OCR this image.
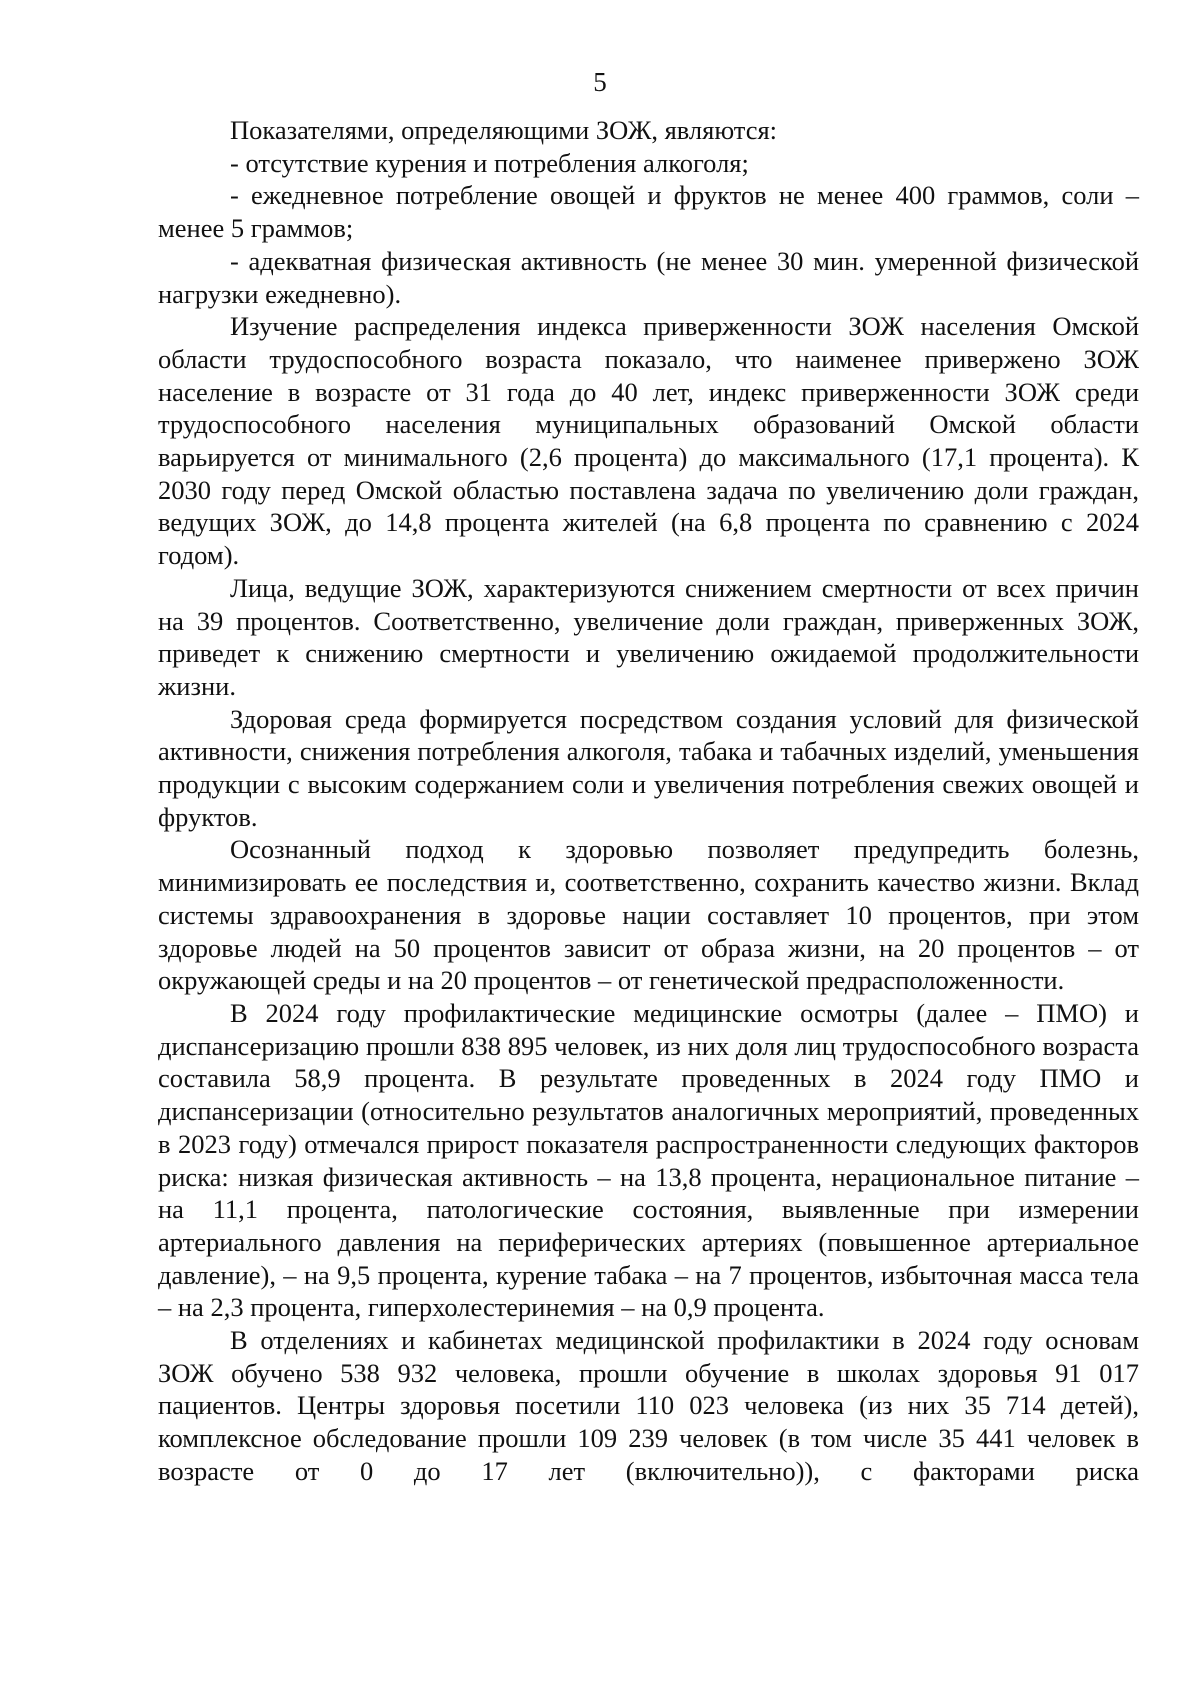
5

Показателями, определяющими ЗОЖ, являются:

- отсутствие курения и потребления алкоголя;

- ежедневное потребление овощей и фруктов не менее 400 граммов, соли – менее 5 граммов;

- адекватная физическая активность (не менее 30 мин. умеренной физической нагрузки ежедневно).

Изучение распределения индекса приверженности ЗОЖ населения Омской области трудоспособного возраста показало, что наименее привержено ЗОЖ население в возрасте от 31 года до 40 лет, индекс приверженности ЗОЖ среди трудоспособного населения муниципальных образований Омской области варьируется от минимального (2,6 процента) до максимального (17,1 процента). К 2030 году перед Омской областью поставлена задача по увеличению доли граждан, ведущих ЗОЖ, до 14,8 процента жителей (на 6,8 процента по сравнению с 2024 годом).

Лица, ведущие ЗОЖ, характеризуются снижением смертности от всех причин на 39 процентов. Соответственно, увеличение доли граждан, приверженных ЗОЖ, приведет к снижению смертности и увеличению ожидаемой продолжительности жизни.

Здоровая среда формируется посредством создания условий для физической активности, снижения потребления алкоголя, табака и табачных изделий, уменьшения продукции с высоким содержанием соли и увеличения потребления свежих овощей и фруктов.

Осознанный подход к здоровью позволяет предупредить болезнь, минимизировать ее последствия и, соответственно, сохранить качество жизни. Вклад системы здравоохранения в здоровье нации составляет 10 процентов, при этом здоровье людей на 50 процентов зависит от образа жизни, на 20 процентов – от окружающей среды и на 20 процентов – от генетической предрасположенности.

В 2024 году профилактические медицинские осмотры (далее – ПМО) и диспансеризацию прошли 838 895 человек, из них доля лиц трудоспособного возраста составила 58,9 процента. В результате проведенных в 2024 году ПМО и диспансеризации (относительно результатов аналогичных мероприятий, проведенных в 2023 году) отмечался прирост показателя распространенности следующих факторов риска: низкая физическая активность – на 13,8 процента, нерациональное питание – на 11,1 процента, патологические состояния, выявленные при измерении артериального давления на периферических артериях (повышенное артериальное давление), – на 9,5 процента, курение табака – на 7 процентов, избыточная масса тела – на 2,3 процента, гиперхолестеринемия – на 0,9 процента.

В отделениях и кабинетах медицинской профилактики в 2024 году основам ЗОЖ обучено 538 932 человека, прошли обучение в школах здоровья 91 017 пациентов. Центры здоровья посетили 110 023 человека (из них 35 714 детей), комплексное обследование прошли 109 239 человек (в том числе 35 441 человек в возрасте от 0 до 17 лет (включительно)), с факторами риска
